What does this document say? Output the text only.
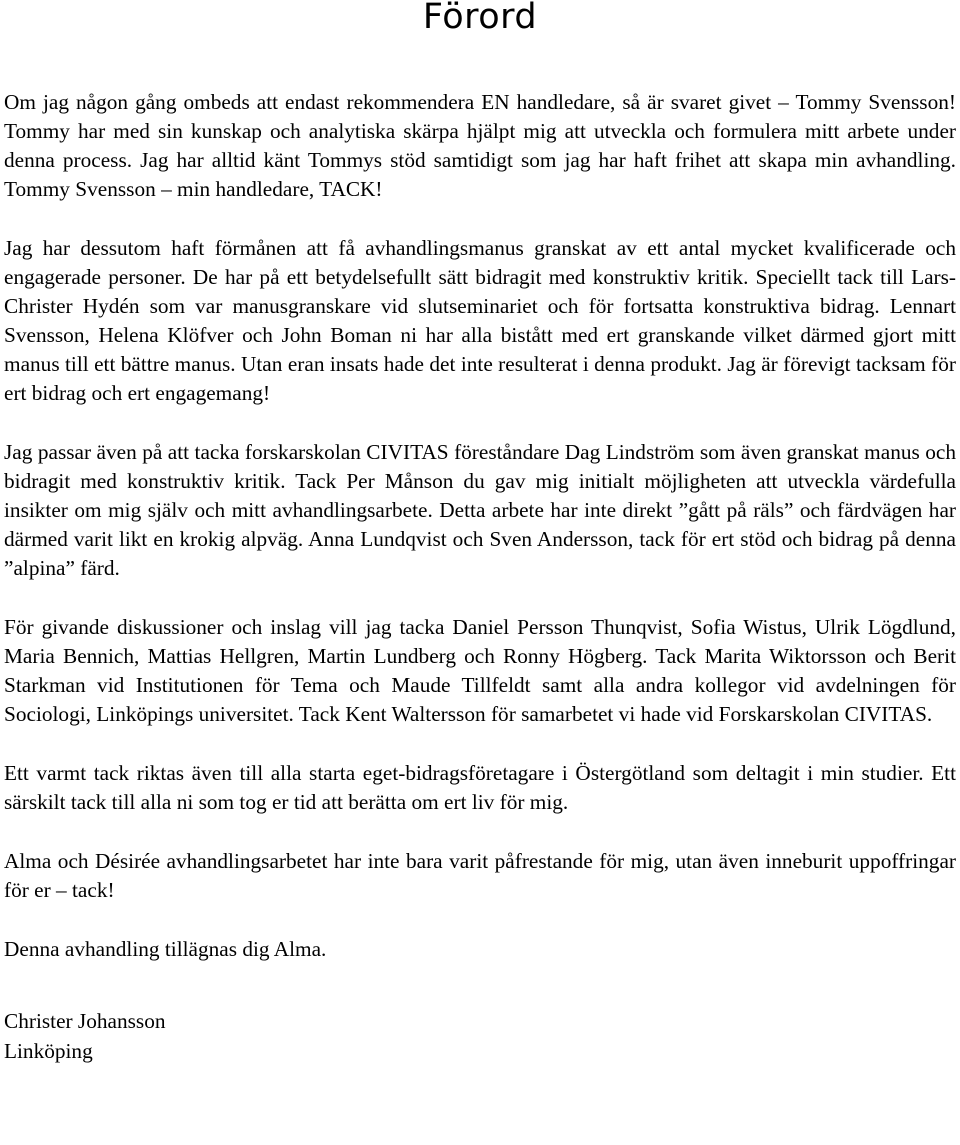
Förord

Om jag någon gång ombeds att endast rekommendera EN handledare, så är svaret givet – Tommy Svensson! Tommy har med sin kunskap och analytiska skärpa hjälpt mig att utveckla och formulera mitt arbete under denna process. Jag har alltid känt Tommys stöd samtidigt som jag har haft frihet att skapa min avhandling. Tommy Svensson – min handledare, TACK!

Jag har dessutom haft förmånen att få avhandlingsmanus granskat av ett antal mycket kvalificerade och engagerade personer. De har på ett betydelsefullt sätt bidragit med konstruktiv kritik. Speciellt tack till Lars-Christer Hydén som var manusgranskare vid slutseminariet och för fortsatta konstruktiva bidrag. Lennart Svensson, Helena Klöfver och John Boman ni har alla bistått med ert granskande vilket därmed gjort mitt manus till ett bättre manus. Utan eran insats hade det inte resulterat i denna produkt. Jag är förevigt tacksam för ert bidrag och ert engagemang!

Jag passar även på att tacka forskarskolan CIVITAS föreståndare Dag Lindström som även granskat manus och bidragit med konstruktiv kritik. Tack Per Månson du gav mig initialt möjligheten att utveckla värdefulla insikter om mig själv och mitt avhandlingsarbete. Detta arbete har inte direkt ”gått på räls” och färdvägen har därmed varit likt en krokig alpväg. Anna Lundqvist och Sven Andersson, tack för ert stöd och bidrag på denna ”alpina” färd.

För givande diskussioner och inslag vill jag tacka Daniel Persson Thunqvist, Sofia Wistus, Ulrik Lögdlund, Maria Bennich, Mattias Hellgren, Martin Lundberg och Ronny Högberg. Tack Marita Wiktorsson och Berit Starkman vid Institutionen för Tema och Maude Tillfeldt samt alla andra kollegor vid avdelningen för Sociologi, Linköpings universitet. Tack Kent Waltersson för samarbetet vi hade vid Forskarskolan CIVITAS.

Ett varmt tack riktas även till alla starta eget-bidragsföretagare i Östergötland som deltagit i min studier. Ett särskilt tack till alla ni som tog er tid att berätta om ert liv för mig.

Alma och Désirée avhandlingsarbetet har inte bara varit påfrestande för mig, utan även inneburit uppoffringar för er – tack!

Denna avhandling tillägnas dig Alma.

Christer Johansson

Linköping
